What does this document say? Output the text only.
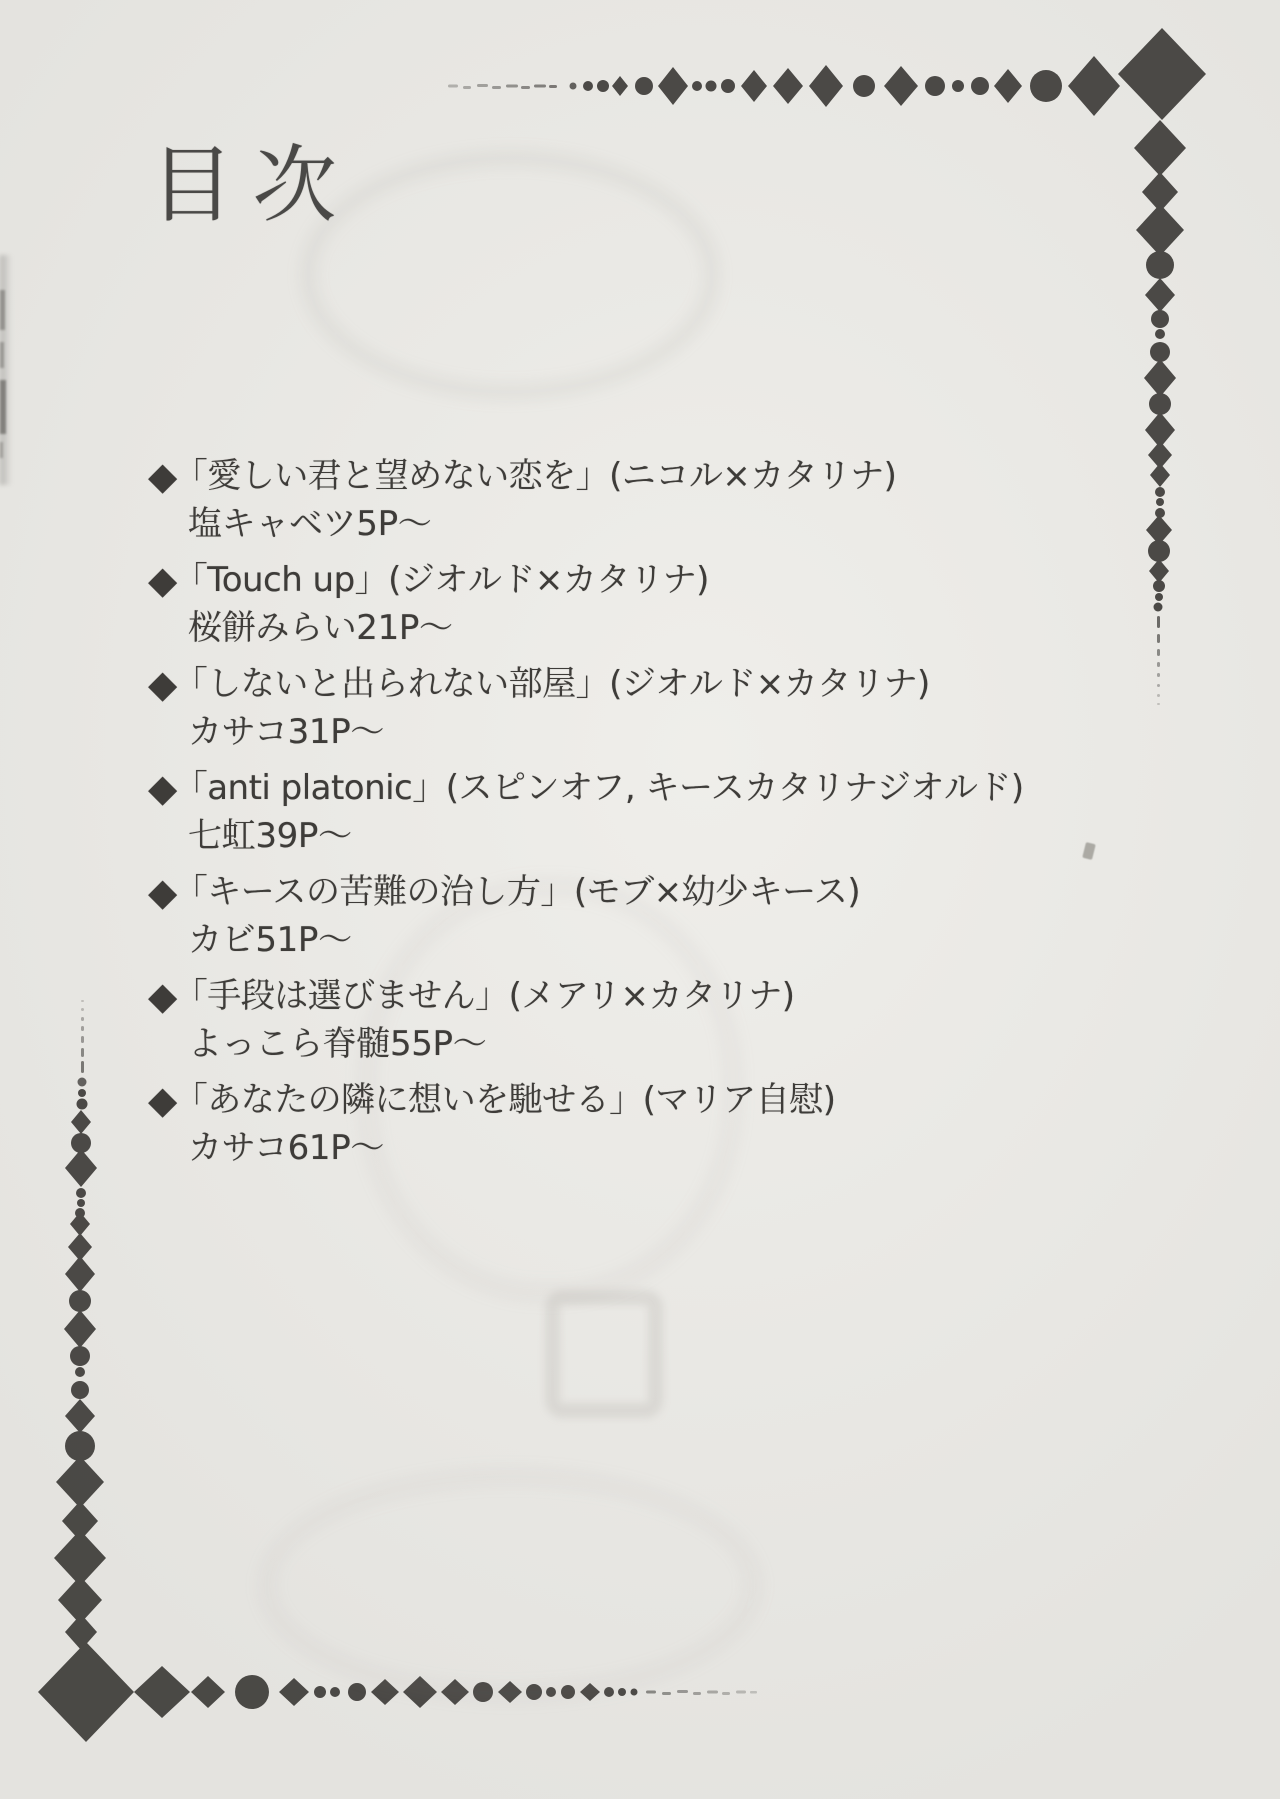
目次
◆「愛しい君と望めない恋を」(ニコル×カタリナ)
塩キャベツ5P～
◆「Touch up」(ジオルド×カタリナ)
桜餅みらい21P～
◆「しないと出られない部屋」(ジオルド×カタリナ)
カサコ31P～
◆「anti platonic」(スピンオフ, キースカタリナジオルド)
七虹39P～
◆「キースの苦難の治し方」(モブ×幼少キース)
カビ51P～
◆「手段は選びません」(メアリ×カタリナ)
よっこら脊髄55P～
◆「あなたの隣に想いを馳せる」(マリア自慰)
カサコ61P～
